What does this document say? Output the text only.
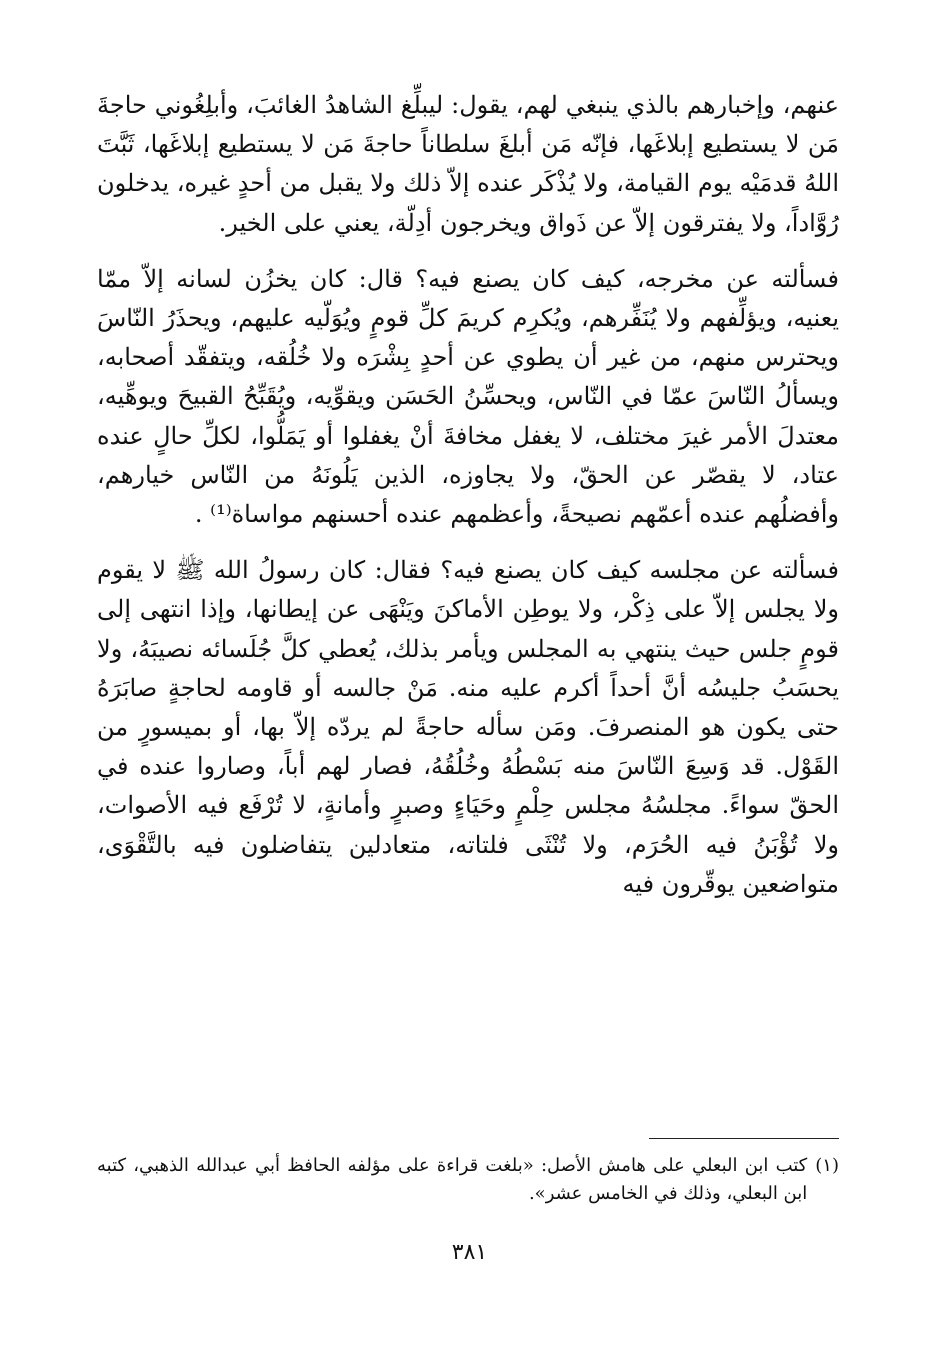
عنهم، وإخبارهم بالذي ينبغي لهم، يقول: ليبلِّغ الشاهدُ الغائبَ، وأبلِغُوني حاجةَ مَن لا يستطيع إبلاغَها، فإنّه مَن أبلغَ سلطاناً حاجةَ مَن لا يستطيع إبلاغَها، ثَبَّتَ اللهُ قدمَيْه يوم القيامة، ولا يُذْكَر عنده إلاّ ذلك ولا يقبل من أحدٍ غيره، يدخلون رُوَّاداً، ولا يفترقون إلاّ عن ذَواق ويخرجون أدِلّة، يعني على الخير.

فسألته عن مخرجه، كيف كان يصنع فيه؟ قال: كان يخزُن لسانه إلاّ ممّا يعنيه، ويؤلِّفهم ولا يُنَفِّرهم، ويُكرِم كريمَ كلِّ قومٍ ويُوَلّيه عليهم، ويحذَرُ النّاسَ ويحترس منهم، من غير أن يطوي عن أحدٍ بِشْرَه ولا خُلُقه، ويتفقّد أصحابه، ويسألُ النّاسَ عمّا في النّاس، ويحسِّنُ الحَسَن ويقوِّيه، ويُقَبِّحُ القبيحَ ويوهِّيه، معتدلَ الأمر غيرَ مختلف، لا يغفل مخافةَ أنْ يغفلوا أو يَمَلُّوا، لكلِّ حالٍ عنده عتاد، لا يقصّر عن الحقّ، ولا يجاوزه، الذين يَلُونَهُ من النّاس خيارهم، وأفضلُهم عنده أعمّهم نصيحةً، وأعظمهم عنده أحسنهم مواساة⁽¹⁾ .

فسألته عن مجلسه كيف كان يصنع فيه؟ فقال: كان رسولُ الله ﷺ لا يقوم ولا يجلس إلاّ على ذِكْر، ولا يوطِن الأماكنَ ويَنْهَى عن إيطانها، وإذا انتهى إلى قومٍ جلس حيث ينتهي به المجلس ويأمر بذلك، يُعطي كلَّ جُلَسائه نصيبَهُ، ولا يحسَبُ جليسُه أنَّ أحداً أكرم عليه منه. مَنْ جالسه أو قاومه لحاجةٍ صابَرَهُ حتى يكون هو المنصرفَ. ومَن سأله حاجةً لم يردّه إلاّ بها، أو بميسورٍ من القَوْل. قد وَسِعَ النّاسَ منه بَسْطُهُ وخُلُقُهُ، فصار لهم أباً، وصاروا عنده في الحقّ سواءً. مجلسُهُ مجلس حِلْمٍ وحَيَاءٍ وصبرٍ وأمانةٍ، لا تُرْفَع فيه الأصوات، ولا تُؤْبَنُ فيه الحُرَم، ولا تُنْثَى فلتاته، متعادلين يتفاضلون فيه بالتَّقْوَى، متواضعين يوقّرون فيه

(١)
كتب ابن البعلي على هامش الأصل: «بلغت قراءة على مؤلفه الحافظ أبي عبدالله الذهبي، كتبه ابن البعلي، وذلك في الخامس عشر».
٣٨١
